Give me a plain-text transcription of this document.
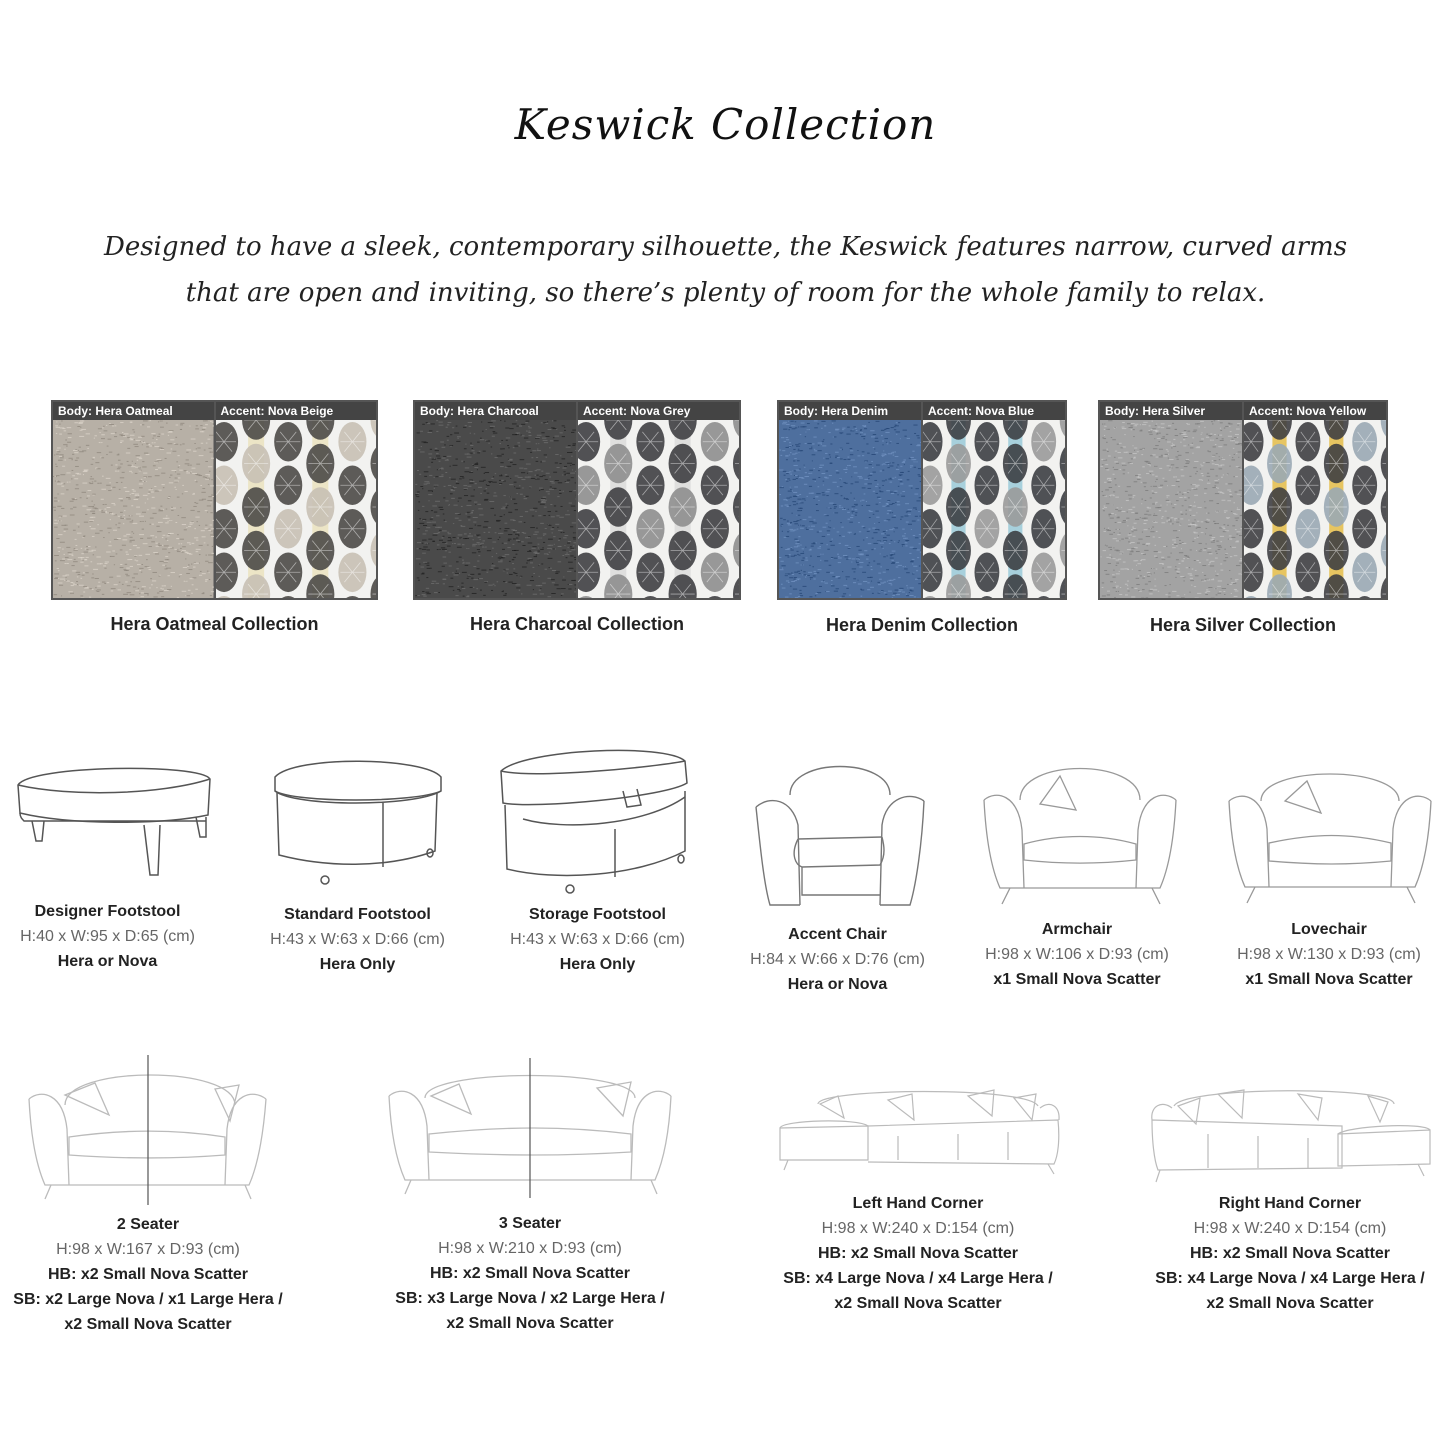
Keswick Collection
Designed to have a sleek, contemporary silhouette, the Keswick features narrow, curved arms that are open and inviting, so there’s plenty of room for the whole family to relax.
Body: Hera Oatmeal	Accent: Nova Beige
Hera Oatmeal Collection
Body: Hera Charcoal	Accent: Nova Grey
Hera Charcoal Collection
Body: Hera Denim	Accent: Nova Blue
Hera Denim Collection
Body: Hera Silver	Accent: Nova Yellow
Hera Silver Collection
Designer Footstool
H:40 x W:95 x D:65 (cm)
Hera or Nova
Standard Footstool
H:43 x W:63 x D:66 (cm)
Hera Only
Storage Footstool
H:43 x W:63 x D:66 (cm)
Hera Only
Accent Chair
H:84 x W:66 x D:76 (cm)
Hera or Nova
Armchair
H:98 x W:106 x D:93 (cm)
x1 Small Nova Scatter
Lovechair
H:98 x W:130 x D:93 (cm)
x1 Small Nova Scatter
2 Seater
H:98 x W:167 x D:93 (cm)
HB: x2 Small Nova Scatter
SB: x2 Large Nova / x1 Large Hera /
x2 Small Nova Scatter
3 Seater
H:98 x W:210 x D:93 (cm)
HB: x2 Small Nova Scatter
SB: x3 Large Nova / x2 Large Hera /
x2 Small Nova Scatter
Left Hand Corner
H:98 x W:240 x D:154 (cm)
HB: x2 Small Nova Scatter
SB: x4 Large Nova / x4 Large Hera /
x2 Small Nova Scatter
Right Hand Corner
H:98 x W:240 x D:154 (cm)
HB: x2 Small Nova Scatter
SB: x4 Large Nova / x4 Large Hera /
x2 Small Nova Scatter
